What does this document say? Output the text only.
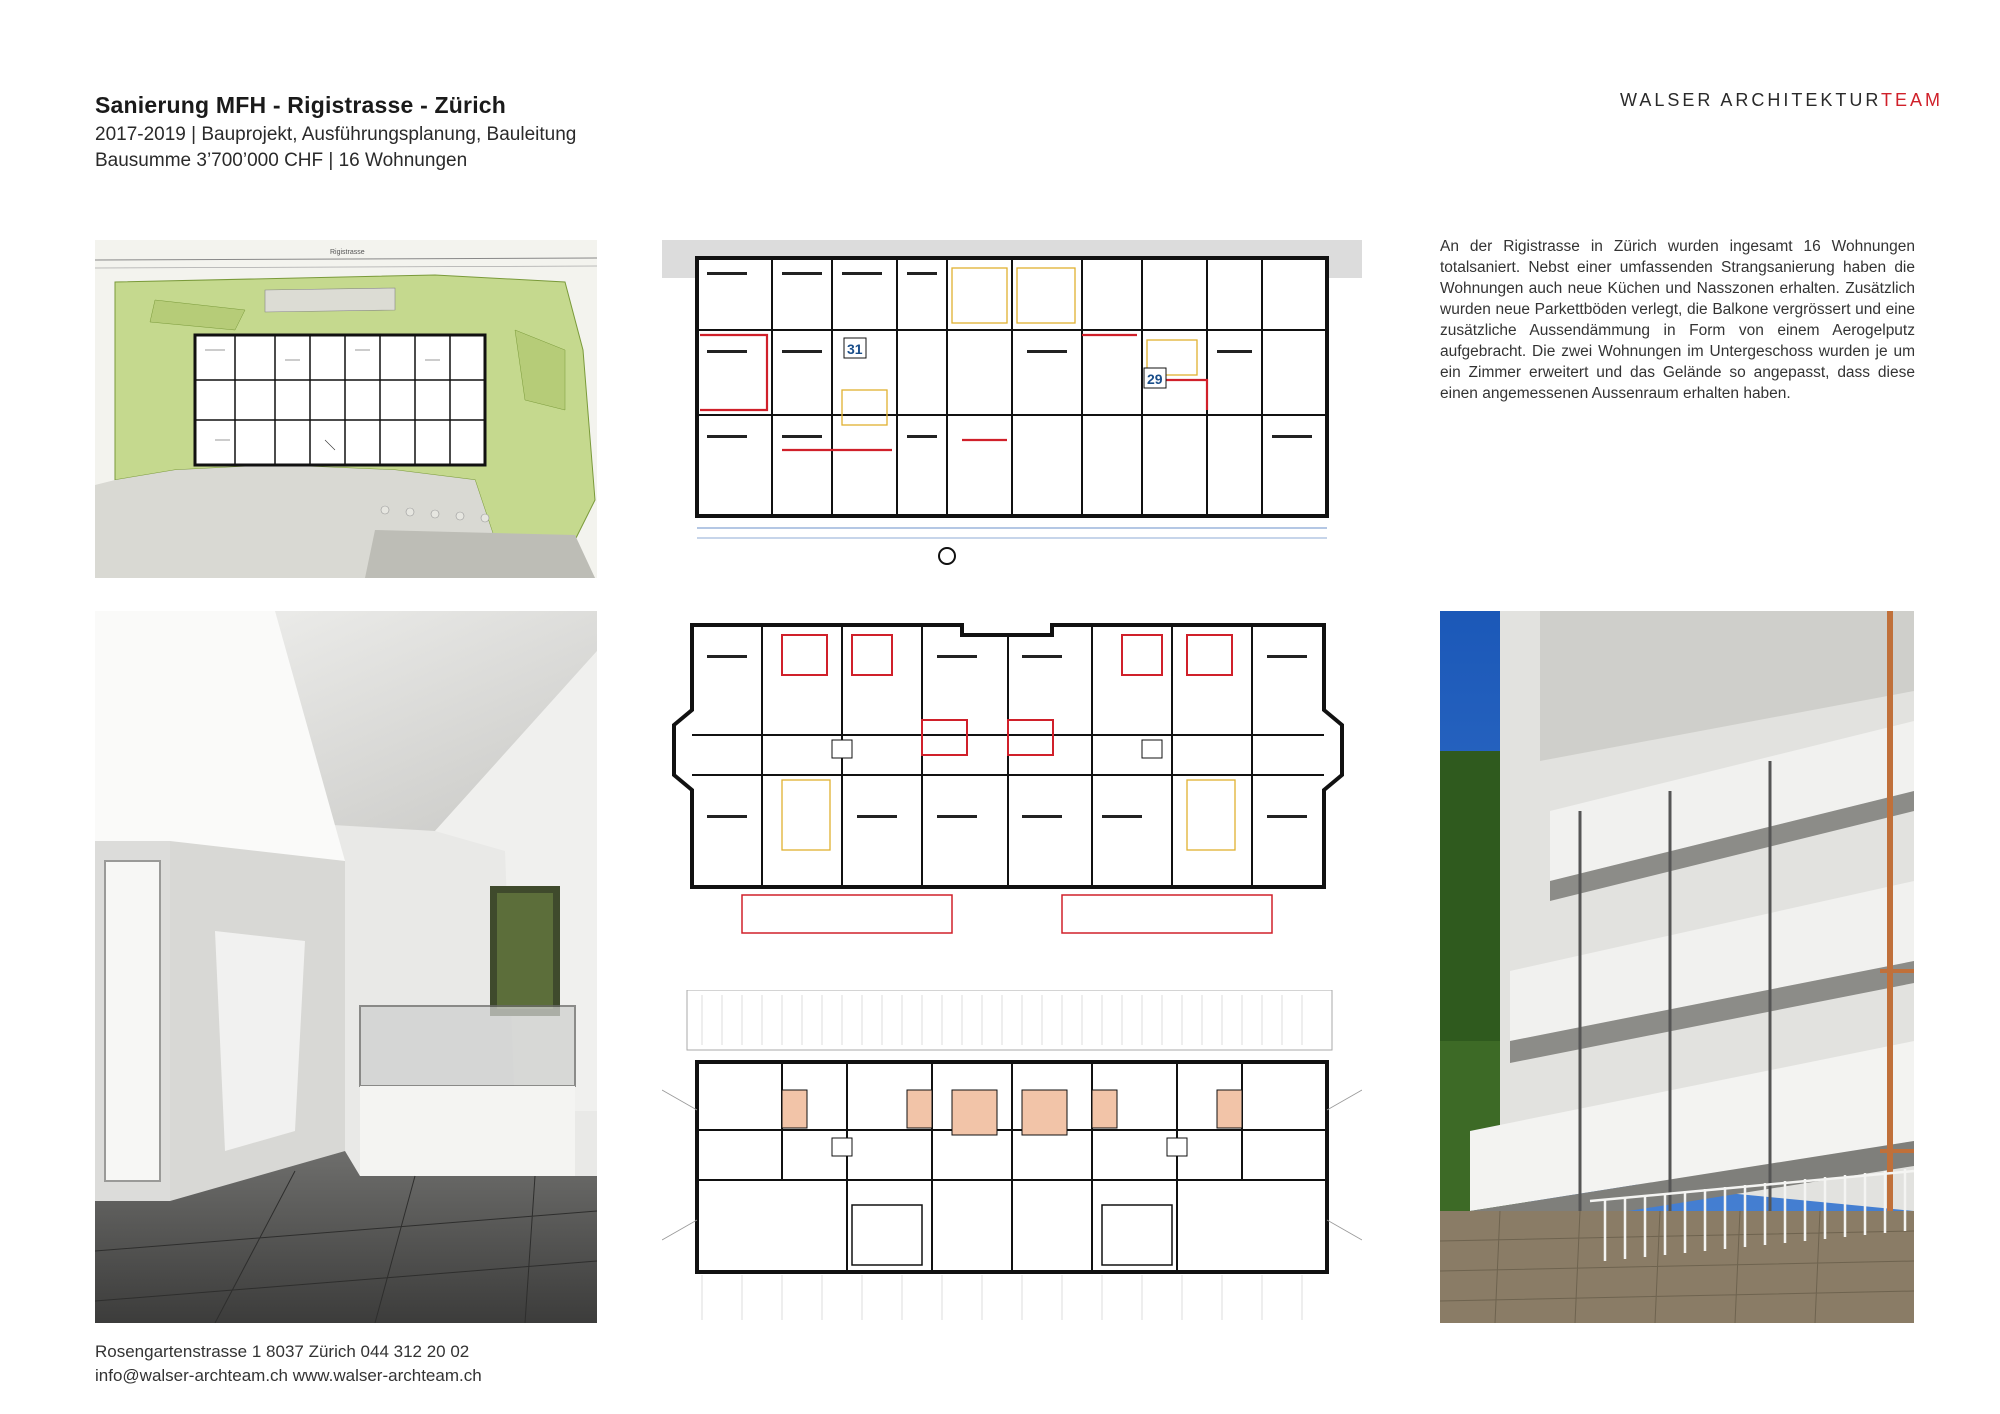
Sanierung MFH - Rigistrasse - Zürich
2017-2019 | Bauprojekt, Ausführungsplanung, Bauleitung
Bausumme 3’700’000 CHF | 16 Wohnungen
WALSER ARCHITEKTURTEAM
An der Rigistrasse in Zürich wurden ingesamt 16 Wohnungen totalsaniert. Nebst einer umfassenden Strangsanierung haben die Wohnungen auch neue Küchen und Nasszonen erhalten. Zusätzlich wurden neue Parkettböden verlegt, die Balkone vergrössert und eine zusätzliche Aussendämmung in Form von einem Aerogelputz aufgebracht. Die zwei Wohnungen im Untergeschoss wurden je um ein Zimmer erweitert und das Gelände so angepasst, dass diese einen angemessenen Aussenraum erhalten haben.
Rigistrasse
31
29
Rosengartenstrasse 1 8037 Zürich 044 312 20 02
info@walser-archteam.ch www.walser-archteam.ch
